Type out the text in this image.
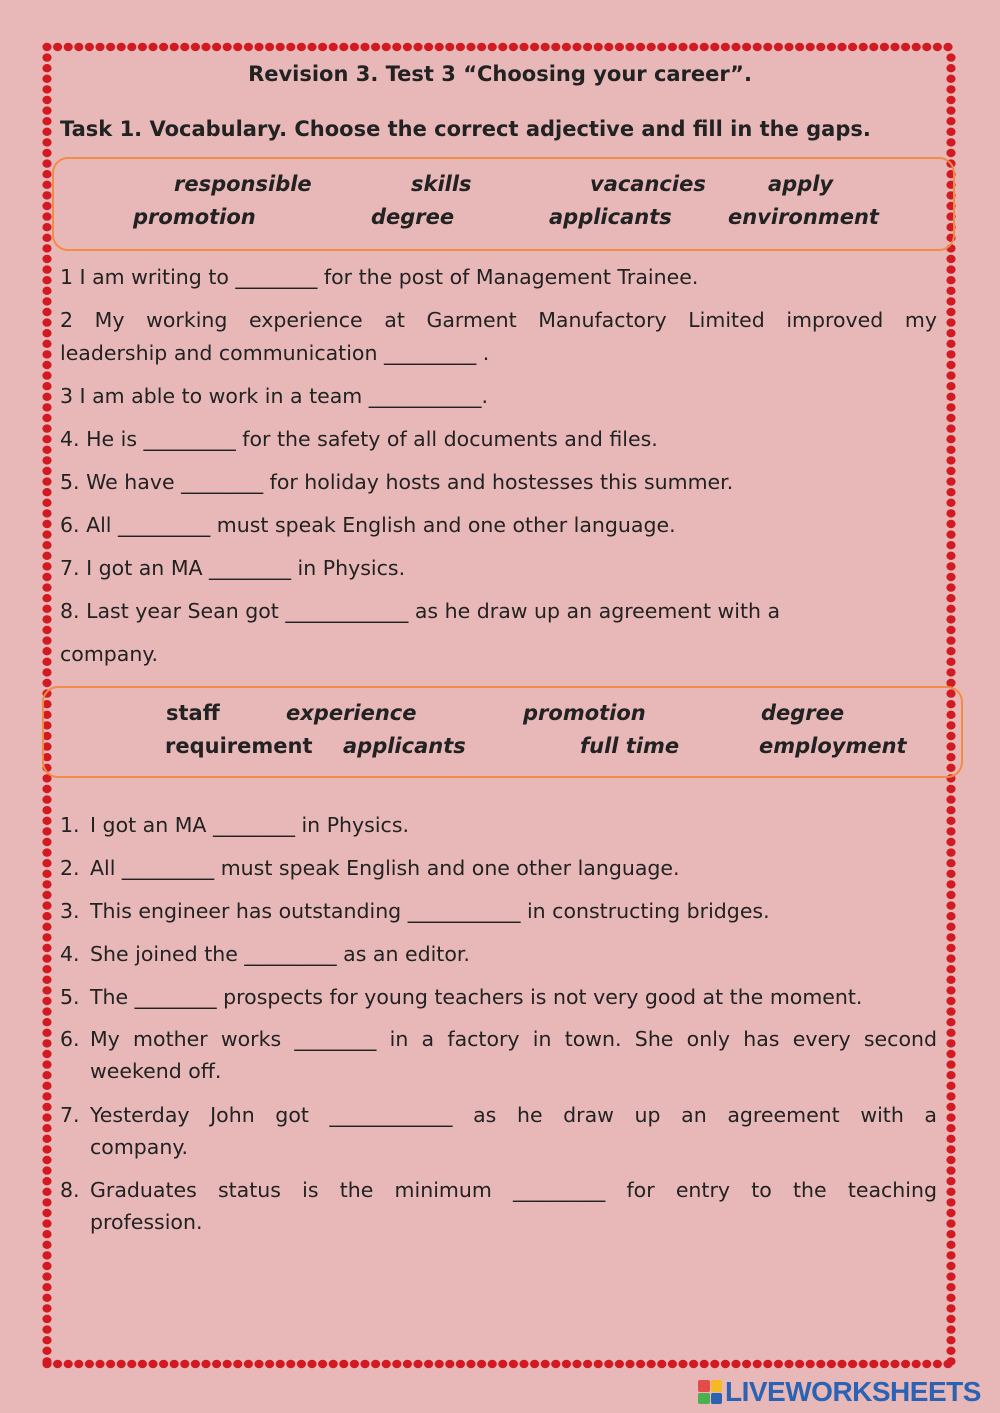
Revision 3. Test 3 “Choosing your career”.
Task 1. Vocabulary. Choose the correct adjective and fill in the gaps.
responsible	skills	vacancies	apply
promotion	degree	applicants	environment
1 I am writing to ________ for the post of Management Trainee.
2 My working experience at Garment Manufactory Limited improved my
leadership and communication _________ .
3 I am able to work in a team ___________.
4. He is _________ for the safety of all documents and files.
5. We have ________ for holiday hosts and hostesses this summer.
6. All _________ must speak English and one other language.
7. I got an MA ________ in Physics.
8. Last year Sean got ____________ as he draw up an agreement with a
company.
staff	experience	promotion	degree
requirement applicants	full time	employment
1. I got an MA ________ in Physics.
2. All _________ must speak English and one other language.
3. This engineer has outstanding ___________ in constructing bridges.
4. She joined the _________ as an editor.
5. The ________ prospects for young teachers is not very good at the moment.
6. My mother works ________ in a factory in town. She only has every second
weekend off.
7. Yesterday John got ____________ as he draw up an agreement with a
company.
8. Graduates status is the minimum _________ for entry to the teaching
profession.
LIVEWORKSHEETS
